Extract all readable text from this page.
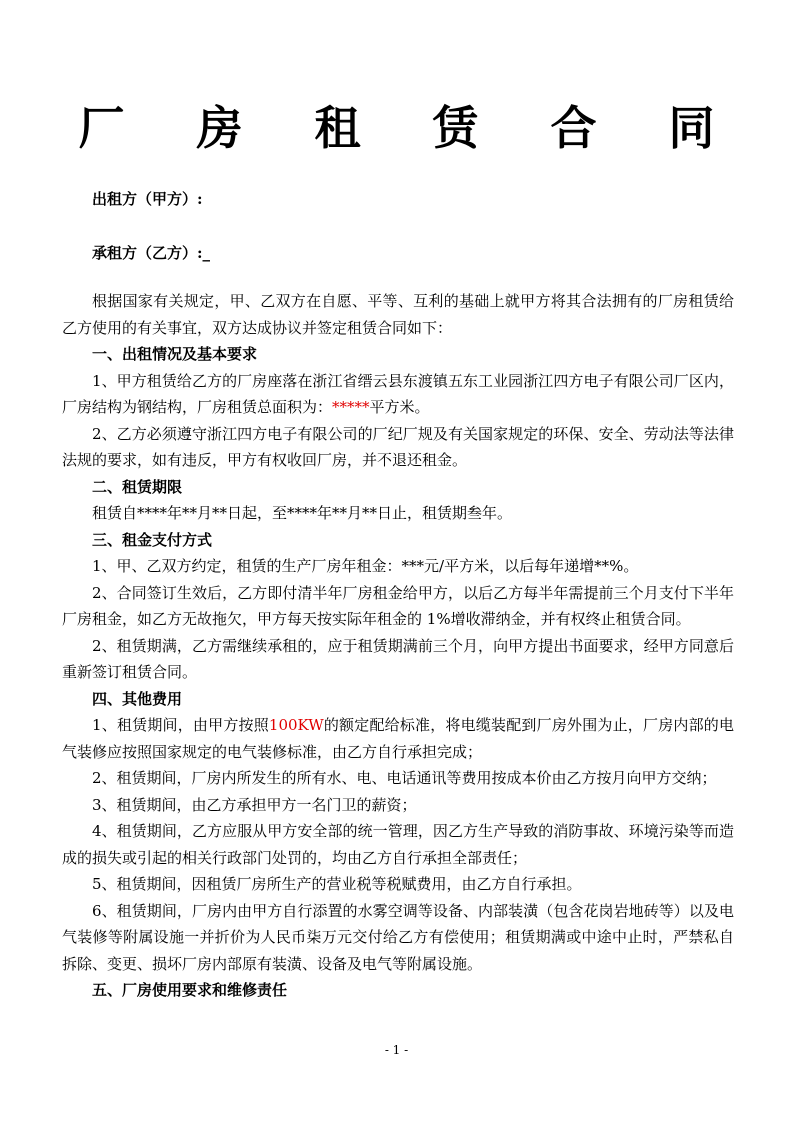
厂 房 租 赁 合 同
出租方（甲方）:
承租方（乙方）:_

根据国家有关规定，甲、乙双方在自愿、平等、互利的基础上就甲方将其合法拥有的厂房租赁给乙方使用的有关事宜，双方达成协议并签定租赁合同如下：

一、出租情况及基本要求

1、甲方租赁给乙方的厂房座落在浙江省缙云县东渡镇五东工业园浙江四方电子有限公司厂区内，厂房结构为钢结构，厂房租赁总面积为：*****平方米。

2、乙方必须遵守浙江四方电子有限公司的厂纪厂规及有关国家规定的环保、安全、劳动法等法律法规的要求，如有违反，甲方有权收回厂房，并不退还租金。

二、租赁期限

租赁自****年**月**日起，至****年**月**日止，租赁期叁年。

三、租金支付方式

1、甲、乙双方约定，租赁的生产厂房年租金：***元/平方米，以后每年递增**%。

2、合同签订生效后，乙方即付清半年厂房租金给甲方，以后乙方每半年需提前三个月支付下半年厂房租金，如乙方无故拖欠，甲方每天按实际年租金的 1%增收滞纳金，并有权终止租赁合同。

2、租赁期满，乙方需继续承租的，应于租赁期满前三个月，向甲方提出书面要求，经甲方同意后重新签订租赁合同。

四、其他费用

1、租赁期间，由甲方按照100KW的额定配给标准，将电缆装配到厂房外围为止，厂房内部的电气装修应按照国家规定的电气装修标准，由乙方自行承担完成；

2、租赁期间，厂房内所发生的所有水、电、电话通讯等费用按成本价由乙方按月向甲方交纳；

3、租赁期间，由乙方承担甲方一名门卫的薪资；

4、租赁期间，乙方应服从甲方安全部的统一管理，因乙方生产导致的消防事故、环境污染等而造成的损失或引起的相关行政部门处罚的，均由乙方自行承担全部责任；

5、租赁期间，因租赁厂房所生产的营业税等税赋费用，由乙方自行承担。

6、租赁期间，厂房内由甲方自行添置的水雾空调等设备、内部装潢（包含花岗岩地砖等）以及电气装修等附属设施一并折价为人民币柒万元交付给乙方有偿使用；租赁期满或中途中止时，严禁私自拆除、变更、损坏厂房内部原有装潢、设备及电气等附属设施。

五、厂房使用要求和维修责任

- 1 -
